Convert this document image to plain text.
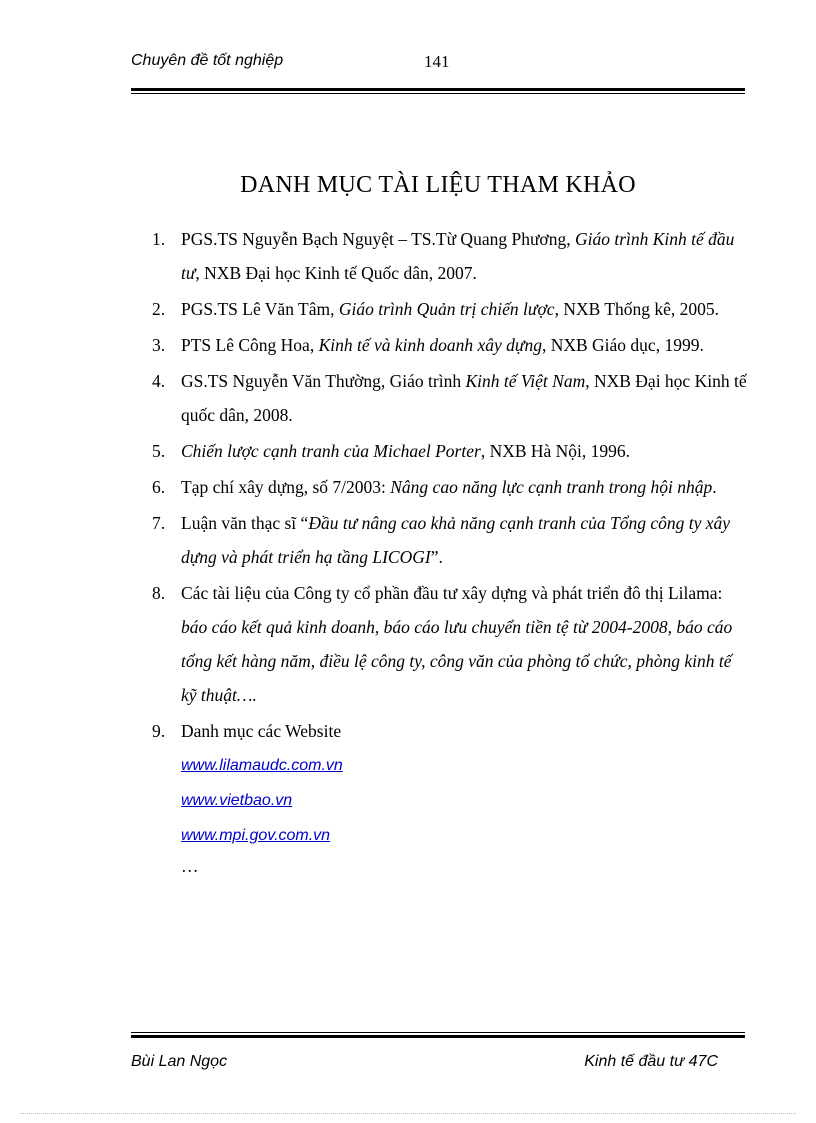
Chuyên đề tốt nghiệp	141
DANH MỤC TÀI LIỆU THAM KHẢO
1. PGS.TS Nguyễn Bạch Nguyệt – TS.Từ Quang Phương, Giáo trình Kinh tế đầu tư, NXB Đại học Kinh tế Quốc dân, 2007.
2. PGS.TS Lê Văn Tâm, Giáo trình Quản trị chiến lược, NXB Thống kê, 2005.
3. PTS Lê Công Hoa, Kinh tế và kinh doanh xây dựng, NXB Giáo dục, 1999.
4. GS.TS Nguyễn Văn Thường, Giáo trình Kinh tế Việt Nam, NXB Đại học Kinh tế quốc dân, 2008.
5. Chiến lược cạnh tranh của Michael Porter, NXB Hà Nội, 1996.
6. Tạp chí xây dựng, số 7/2003: Nâng cao năng lực cạnh tranh trong hội nhập.
7. Luận văn thạc sĩ “Đầu tư nâng cao khả năng cạnh tranh của Tổng công ty xây dựng và phát triển hạ tầng LICOGI”.
8. Các tài liệu của Công ty cổ phần đầu tư xây dựng và phát triển đô thị Lilama: báo cáo kết quả kinh doanh, báo cáo lưu chuyển tiền tệ từ 2004-2008, báo cáo tổng kết hàng năm, điều lệ công ty, công văn của phòng tổ chức, phòng kinh tế kỹ thuật….
9. Danh mục các Website
www.lilamaudc.com.vn
www.vietbao.vn
www.mpi.gov.com.vn
…
Bùi Lan Ngọc	Kinh tế đầu tư 47C
